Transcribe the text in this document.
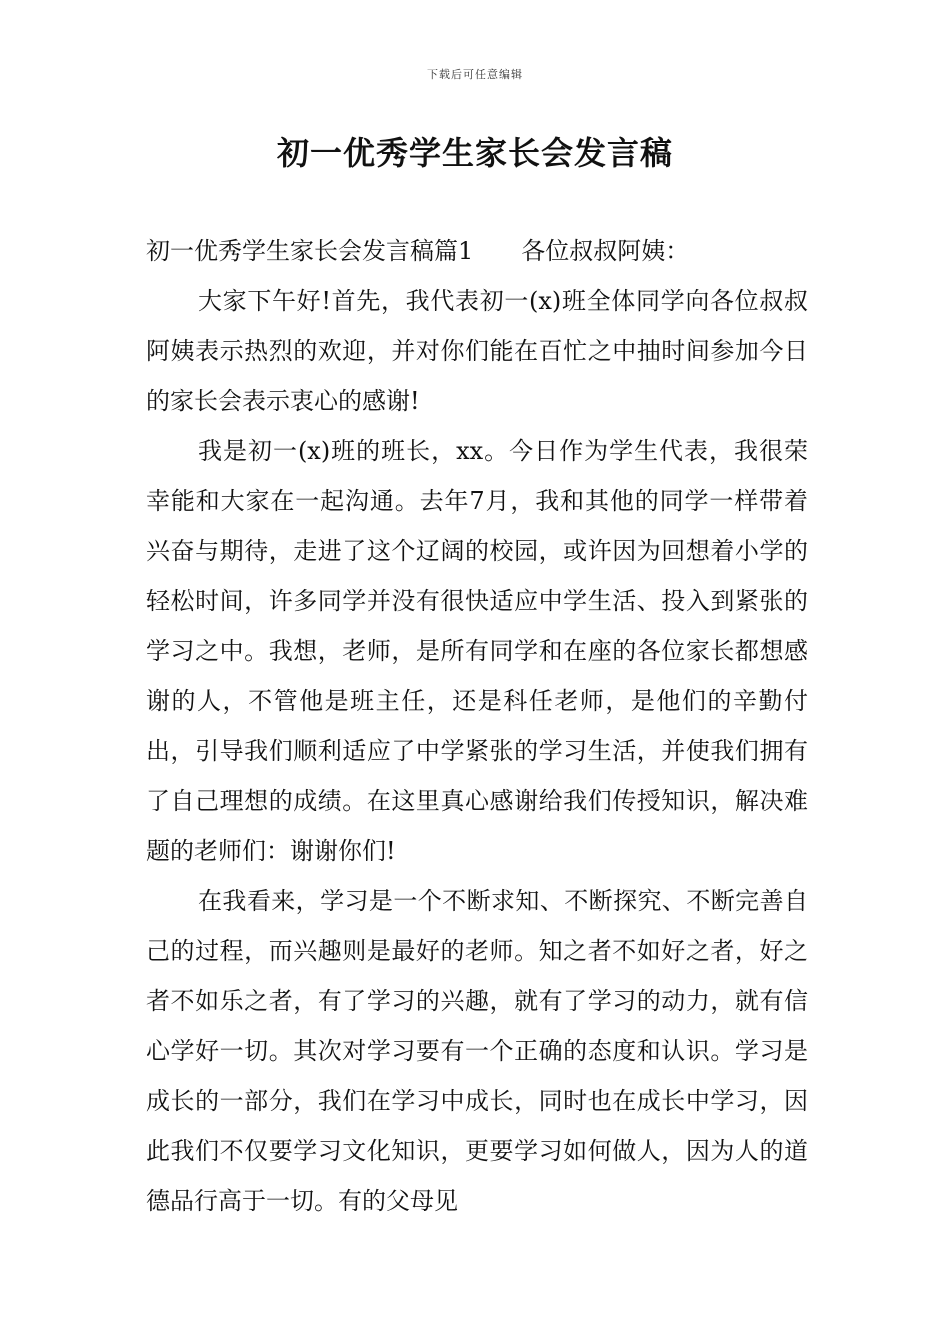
下载后可任意编辑
初一优秀学生家长会发言稿

初一优秀学生家长会发言稿篇1 各位叔叔阿姨：

大家下午好!首先，我代表初一(x)班全体同学向各位叔叔阿姨表示热烈的欢迎，并对你们能在百忙之中抽时间参加今日的家长会表示衷心的感谢!

我是初一(x)班的班长，xx。今日作为学生代表，我很荣幸能和大家在一起沟通。去年7月，我和其他的同学一样带着兴奋与期待，走进了这个辽阔的校园，或许因为回想着小学的轻松时间，许多同学并没有很快适应中学生活、投入到紧张的学习之中。我想，老师，是所有同学和在座的各位家长都想感谢的人，不管他是班主任，还是科任老师，是他们的辛勤付出，引导我们顺利适应了中学紧张的学习生活，并使我们拥有了自己理想的成绩。在这里真心感谢给我们传授知识，解决难题的老师们：谢谢你们!

在我看来，学习是一个不断求知、不断探究、不断完善自己的过程，而兴趣则是最好的老师。知之者不如好之者，好之者不如乐之者，有了学习的兴趣，就有了学习的动力，就有信心学好一切。其次对学习要有一个正确的态度和认识。学习是成长的一部分，我们在学习中成长，同时也在成长中学习，因此我们不仅要学习文化知识，更要学习如何做人，因为人的道德品行高于一切。有的父母见
